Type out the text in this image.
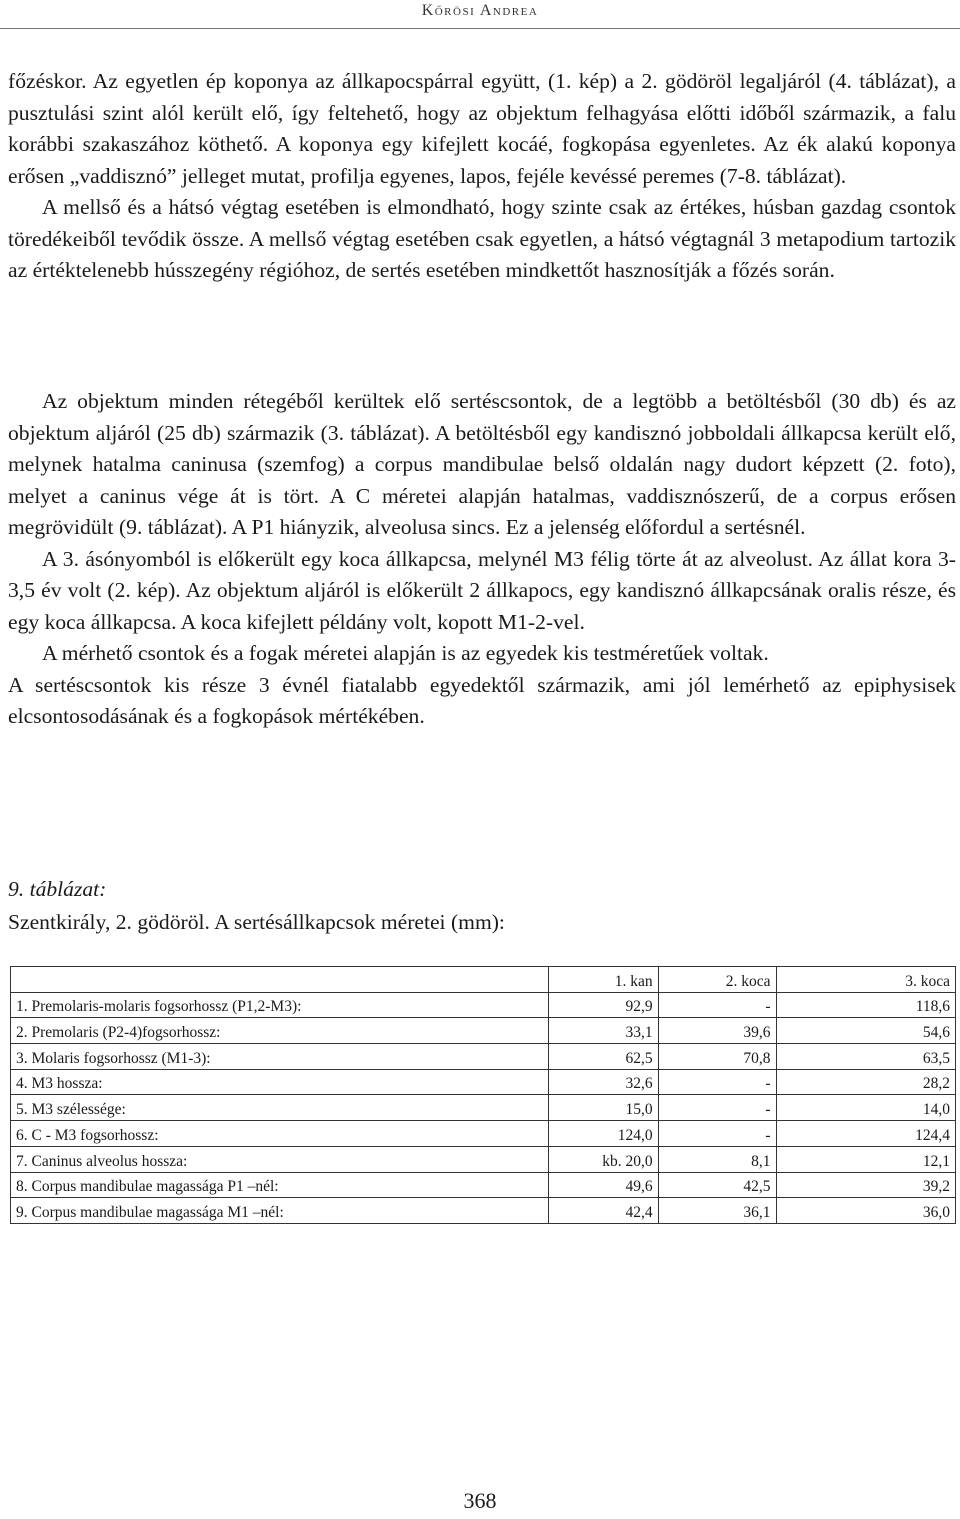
Kőrösi Andrea

főzéskor. Az egyetlen ép koponya az állkapocspárral együtt, (1. kép) a 2. gödöröl legaljáról (4. táblázat), a pusztulási szint alól került elő, így feltehető, hogy az objektum felhagyása előtti időből származik, a falu korábbi szakaszához köthető. A koponya egy kifejlett kocáé, fogkopása egyenletes. Az ék alakú koponya erősen „vaddisznó” jelleget mutat, profilja egyenes, lapos, fejéle kevéssé peremes (7-8. táblázat).

A mellső és a hátsó végtag esetében is elmondható, hogy szinte csak az értékes, húsban gazdag csontok töredékeiből tevődik össze. A mellső végtag esetében csak egyetlen, a hátsó végtagnál 3 metapodium tartozik az értéktelenebb hússzegény régióhoz, de sertés esetében mindkettőt hasznosítják a főzés során.

Az objektum minden rétegéből kerültek elő sertéscsontok, de a legtöbb a betöltésből (30 db) és az objektum aljáról (25 db) származik (3. táblázat). A betöltésből egy kandisznó jobboldali állkapcsa került elő, melynek hatalma caninusa (szemfog) a corpus mandibulae belső oldalán nagy dudort képzett (2. foto), melyet a caninus vége át is tört. A C méretei alapján hatalmas, vaddisznószerű, de a corpus erősen megrövidült (9. táblázat). A P1 hiányzik, alveolusa sincs. Ez a jelenség előfordul a sertésnél.

A 3. ásónyomból is előkerült egy koca állkapcsa, melynél M3 félig törte át az alveolust. Az állat kora 3-3,5 év volt (2. kép). Az objektum aljáról is előkerült 2 állkapocs, egy kandisznó állkapcsának oralis része, és egy koca állkapcsa. A koca kifejlett példány volt, kopott M1-2-vel.

A mérhető csontok és a fogak méretei alapján is az egyedek kis testméretűek voltak.

A sertéscsontok kis része 3 évnél fiatalabb egyedektől származik, ami jól lemérhető az epiphysisek elcsontosodásának és a fogkopások mértékében.

9. táblázat:
Szentkirály, 2. gödöröl. A sertésállkapcsok méretei (mm):
	1. kan	2. koca	3. koca
1. Premolaris-molaris fogsorhossz (P1,2-M3):	92,9	-	118,6
2. Premolaris (P2-4)fogsorhossz:	33,1	39,6	54,6
3. Molaris fogsorhossz (M1-3):	62,5	70,8	63,5
4. M3 hossza:	32,6	-	28,2
5. M3 szélessége:	15,0	-	14,0
6. C - M3 fogsorhossz:	124,0	-	124,4
7. Caninus alveolus hossza:	kb. 20,0	8,1	12,1
8. Corpus mandibulae magassága P1 –nél:	49,6	42,5	39,2
9. Corpus mandibulae magassága M1 –nél:	42,4	36,1	36,0
368
